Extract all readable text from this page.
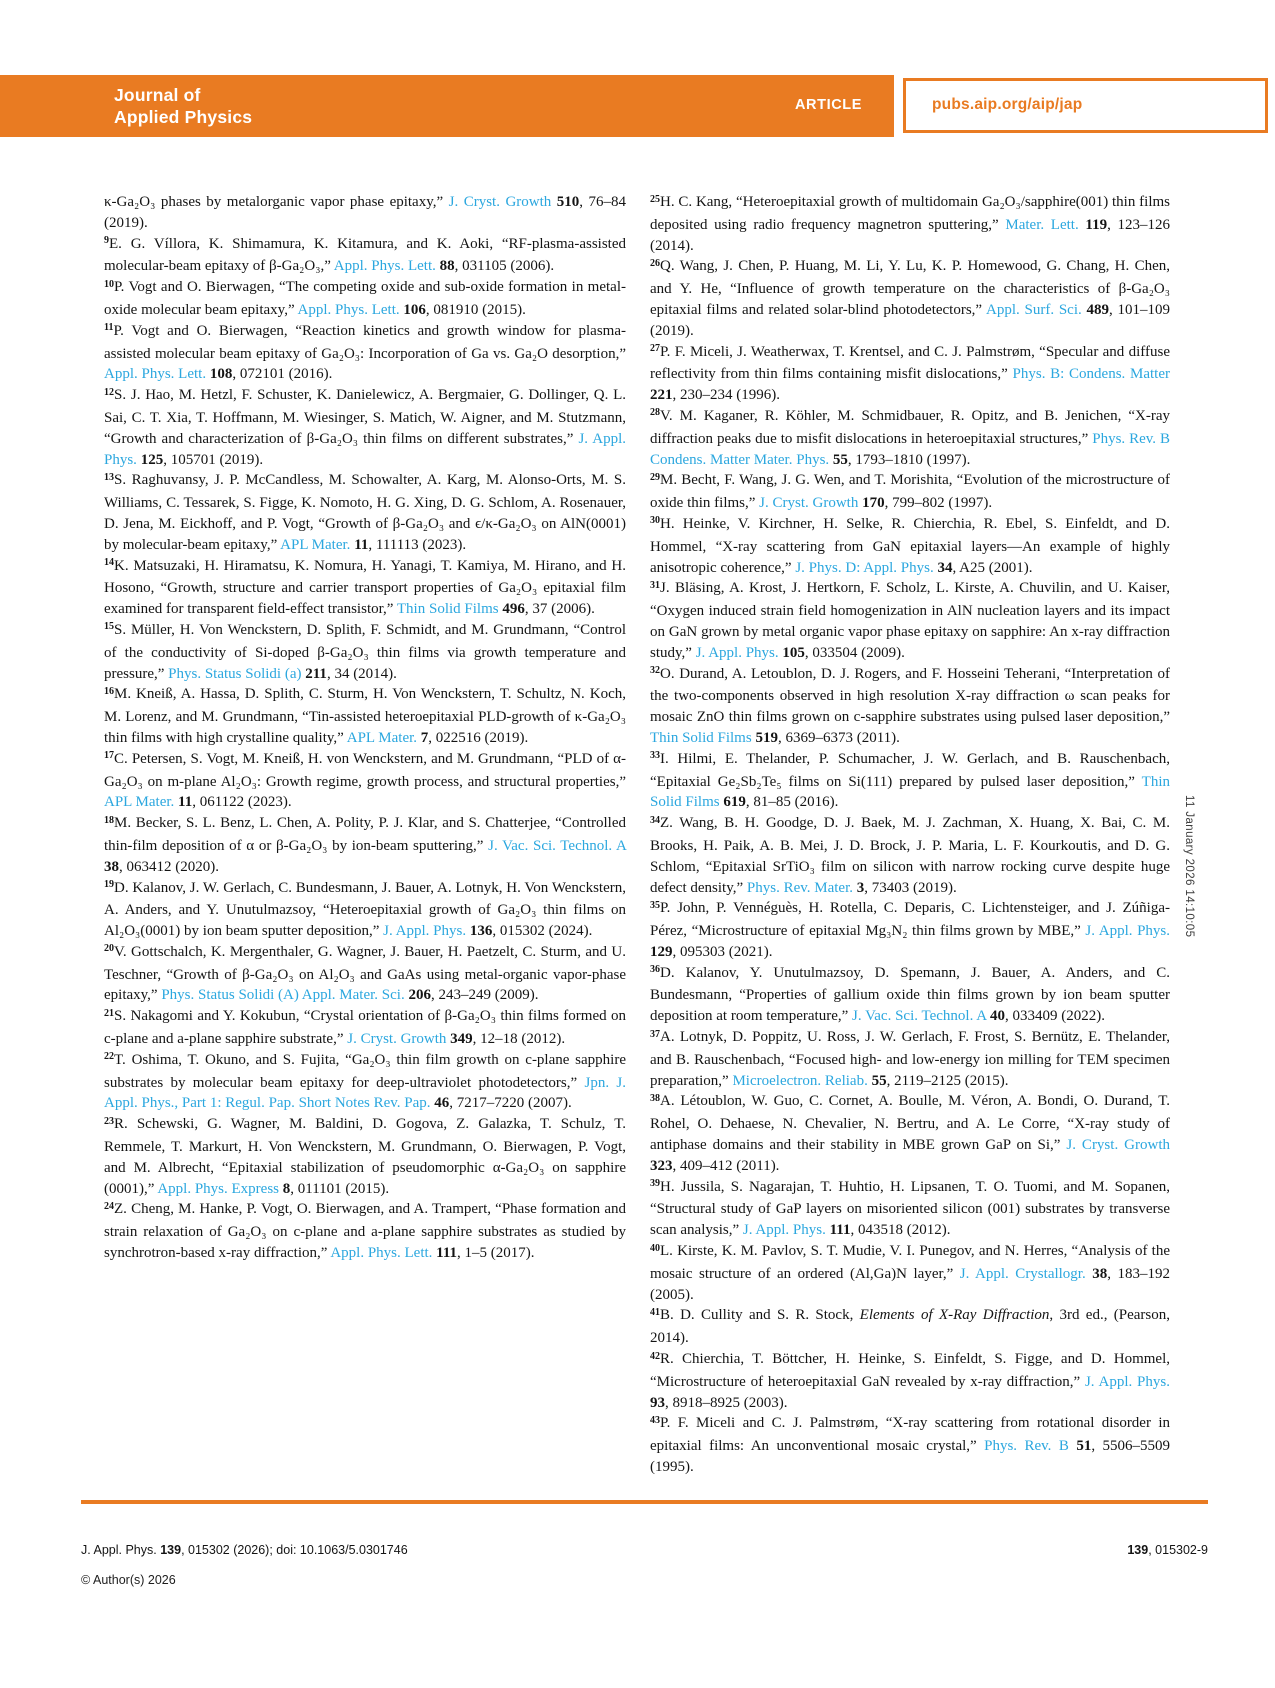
Journal of
Applied Physics
ARTICLE	pubs.aip.org/aip/jap

κ-Ga₂O₃ phases by metalorganic vapor phase epitaxy,” J. Cryst. Growth 510, 76–84 (2019).

$^9$E. G. Víllora, K. Shimamura, K. Kitamura, and K. Aoki, “RF-plasma-assisted molecular-beam epitaxy of β-Ga₂O₃,” Appl. Phys. Lett. 88, 031105 (2006).

$^{10}$P. Vogt and O. Bierwagen, “The competing oxide and sub-oxide formation in metal-oxide molecular beam epitaxy,” Appl. Phys. Lett. 106, 081910 (2015).

$^{11}$P. Vogt and O. Bierwagen, “Reaction kinetics and growth window for plasma-assisted molecular beam epitaxy of Ga₂O₃: Incorporation of Ga vs. Ga₂O desorption,” Appl. Phys. Lett. 108, 072101 (2016).

$^{12}$S. J. Hao, M. Hetzl, F. Schuster, K. Danielewicz, A. Bergmaier, G. Dollinger, Q. L. Sai, C. T. Xia, T. Hoffmann, M. Wiesinger, S. Matich, W. Aigner, and M. Stutzmann, “Growth and characterization of β-Ga₂O₃ thin films on different substrates,” J. Appl. Phys. 125, 105701 (2019).

$^{13}$S. Raghuvansy, J. P. McCandless, M. Schowalter, A. Karg, M. Alonso-Orts, M. S. Williams, C. Tessarek, S. Figge, K. Nomoto, H. G. Xing, D. G. Schlom, A. Rosenauer, D. Jena, M. Eickhoff, and P. Vogt, “Growth of β-Ga₂O₃ and ϵ/κ-Ga₂O₃ on AlN(0001) by molecular-beam epitaxy,” APL Mater. 11, 111113 (2023).

$^{14}$K. Matsuzaki, H. Hiramatsu, K. Nomura, H. Yanagi, T. Kamiya, M. Hirano, and H. Hosono, “Growth, structure and carrier transport properties of Ga₂O₃ epitaxial film examined for transparent field-effect transistor,” Thin Solid Films 496, 37 (2006).

$^{15}$S. Müller, H. Von Wenckstern, D. Splith, F. Schmidt, and M. Grundmann, “Control of the conductivity of Si-doped β-Ga₂O₃ thin films via growth temperature and pressure,” Phys. Status Solidi (a) 211, 34 (2014).

$^{16}$M. Kneiß, A. Hassa, D. Splith, C. Sturm, H. Von Wenckstern, T. Schultz, N. Koch, M. Lorenz, and M. Grundmann, “Tin-assisted heteroepitaxial PLD-growth of κ-Ga₂O₃ thin films with high crystalline quality,” APL Mater. 7, 022516 (2019).

$^{17}$C. Petersen, S. Vogt, M. Kneiß, H. von Wenckstern, and M. Grundmann, “PLD of α-Ga₂O₃ on m-plane Al₂O₃: Growth regime, growth process, and structural properties,” APL Mater. 11, 061122 (2023).

$^{18}$M. Becker, S. L. Benz, L. Chen, A. Polity, P. J. Klar, and S. Chatterjee, “Controlled thin-film deposition of α or β-Ga₂O₃ by ion-beam sputtering,” J. Vac. Sci. Technol. A 38, 063412 (2020).

$^{19}$D. Kalanov, J. W. Gerlach, C. Bundesmann, J. Bauer, A. Lotnyk, H. Von Wenckstern, A. Anders, and Y. Unutulmazsoy, “Heteroepitaxial growth of Ga₂O₃ thin films on Al₂O₃(0001) by ion beam sputter deposition,” J. Appl. Phys. 136, 015302 (2024).

$^{20}$V. Gottschalch, K. Mergenthaler, G. Wagner, J. Bauer, H. Paetzelt, C. Sturm, and U. Teschner, “Growth of β-Ga₂O₃ on Al₂O₃ and GaAs using metal-organic vapor-phase epitaxy,” Phys. Status Solidi (A) Appl. Mater. Sci. 206, 243–249 (2009).

$^{21}$S. Nakagomi and Y. Kokubun, “Crystal orientation of β-Ga₂O₃ thin films formed on c-plane and a-plane sapphire substrate,” J. Cryst. Growth 349, 12–18 (2012).

$^{22}$T. Oshima, T. Okuno, and S. Fujita, “Ga₂O₃ thin film growth on c-plane sapphire substrates by molecular beam epitaxy for deep-ultraviolet photodetectors,” Jpn. J. Appl. Phys., Part 1: Regul. Pap. Short Notes Rev. Pap. 46, 7217–7220 (2007).

$^{23}$R. Schewski, G. Wagner, M. Baldini, D. Gogova, Z. Galazka, T. Schulz, T. Remmele, T. Markurt, H. Von Wenckstern, M. Grundmann, O. Bierwagen, P. Vogt, and M. Albrecht, “Epitaxial stabilization of pseudomorphic α-Ga₂O₃ on sapphire (0001),” Appl. Phys. Express 8, 011101 (2015).

$^{24}$Z. Cheng, M. Hanke, P. Vogt, O. Bierwagen, and A. Trampert, “Phase formation and strain relaxation of Ga₂O₃ on c-plane and a-plane sapphire substrates as studied by synchrotron-based x-ray diffraction,” Appl. Phys. Lett. 111, 1–5 (2017).

$^{25}$H. C. Kang, “Heteroepitaxial growth of multidomain Ga₂O₃/sapphire(001) thin films deposited using radio frequency magnetron sputtering,” Mater. Lett. 119, 123–126 (2014).

$^{26}$Q. Wang, J. Chen, P. Huang, M. Li, Y. Lu, K. P. Homewood, G. Chang, H. Chen, and Y. He, “Influence of growth temperature on the characteristics of β-Ga₂O₃ epitaxial films and related solar-blind photodetectors,” Appl. Surf. Sci. 489, 101–109 (2019).

$^{27}$P. F. Miceli, J. Weatherwax, T. Krentsel, and C. J. Palmstrøm, “Specular and diffuse reflectivity from thin films containing misfit dislocations,” Phys. B: Condens. Matter 221, 230–234 (1996).

$^{28}$V. M. Kaganer, R. Köhler, M. Schmidbauer, R. Opitz, and B. Jenichen, “X-ray diffraction peaks due to misfit dislocations in heteroepitaxial structures,” Phys. Rev. B Condens. Matter Mater. Phys. 55, 1793–1810 (1997).

$^{29}$M. Becht, F. Wang, J. G. Wen, and T. Morishita, “Evolution of the microstructure of oxide thin films,” J. Cryst. Growth 170, 799–802 (1997).

$^{30}$H. Heinke, V. Kirchner, H. Selke, R. Chierchia, R. Ebel, S. Einfeldt, and D. Hommel, “X-ray scattering from GaN epitaxial layers—An example of highly anisotropic coherence,” J. Phys. D: Appl. Phys. 34, A25 (2001).

$^{31}$J. Bläsing, A. Krost, J. Hertkorn, F. Scholz, L. Kirste, A. Chuvilin, and U. Kaiser, “Oxygen induced strain field homogenization in AlN nucleation layers and its impact on GaN grown by metal organic vapor phase epitaxy on sapphire: An x-ray diffraction study,” J. Appl. Phys. 105, 033504 (2009).

$^{32}$O. Durand, A. Letoublon, D. J. Rogers, and F. Hosseini Teherani, “Interpretation of the two-components observed in high resolution X-ray diffraction ω scan peaks for mosaic ZnO thin films grown on c-sapphire substrates using pulsed laser deposition,” Thin Solid Films 519, 6369–6373 (2011).

$^{33}$I. Hilmi, E. Thelander, P. Schumacher, J. W. Gerlach, and B. Rauschenbach, “Epitaxial Ge₂Sb₂Te₅ films on Si(111) prepared by pulsed laser deposition,” Thin Solid Films 619, 81–85 (2016).

$^{34}$Z. Wang, B. H. Goodge, D. J. Baek, M. J. Zachman, X. Huang, X. Bai, C. M. Brooks, H. Paik, A. B. Mei, J. D. Brock, J. P. Maria, L. F. Kourkoutis, and D. G. Schlom, “Epitaxial SrTiO₃ film on silicon with narrow rocking curve despite huge defect density,” Phys. Rev. Mater. 3, 73403 (2019).

$^{35}$P. John, P. Vennéguès, H. Rotella, C. Deparis, C. Lichtensteiger, and J. Zúñiga-Pérez, “Microstructure of epitaxial Mg₃N₂ thin films grown by MBE,” J. Appl. Phys. 129, 095303 (2021).

$^{36}$D. Kalanov, Y. Unutulmazsoy, D. Spemann, J. Bauer, A. Anders, and C. Bundesmann, “Properties of gallium oxide thin films grown by ion beam sputter deposition at room temperature,” J. Vac. Sci. Technol. A 40, 033409 (2022).

$^{37}$A. Lotnyk, D. Poppitz, U. Ross, J. W. Gerlach, F. Frost, S. Bernütz, E. Thelander, and B. Rauschenbach, “Focused high- and low-energy ion milling for TEM specimen preparation,” Microelectron. Reliab. 55, 2119–2125 (2015).

$^{38}$A. Létoublon, W. Guo, C. Cornet, A. Boulle, M. Véron, A. Bondi, O. Durand, T. Rohel, O. Dehaese, N. Chevalier, N. Bertru, and A. Le Corre, “X-ray study of antiphase domains and their stability in MBE grown GaP on Si,” J. Cryst. Growth 323, 409–412 (2011).

$^{39}$H. Jussila, S. Nagarajan, T. Huhtio, H. Lipsanen, T. O. Tuomi, and M. Sopanen, “Structural study of GaP layers on misoriented silicon (001) substrates by transverse scan analysis,” J. Appl. Phys. 111, 043518 (2012).

$^{40}$L. Kirste, K. M. Pavlov, S. T. Mudie, V. I. Punegov, and N. Herres, “Analysis of the mosaic structure of an ordered (Al,Ga)N layer,” J. Appl. Crystallogr. 38, 183–192 (2005).

$^{41}$B. D. Cullity and S. R. Stock, Elements of X-Ray Diffraction, 3rd ed., (Pearson, 2014).

$^{42}$R. Chierchia, T. Böttcher, H. Heinke, S. Einfeldt, S. Figge, and D. Hommel, “Microstructure of heteroepitaxial GaN revealed by x-ray diffraction,” J. Appl. Phys. 93, 8918–8925 (2003).

$^{43}$P. F. Miceli and C. J. Palmstrøm, “X-ray scattering from rotational disorder in epitaxial films: An unconventional mosaic crystal,” Phys. Rev. B 51, 5506–5509 (1995).

11 January 2026 14:10:05
J. Appl. Phys. 139, 015302 (2026); doi: 10.1063/5.0301746	139, 015302-9
© Author(s) 2026
